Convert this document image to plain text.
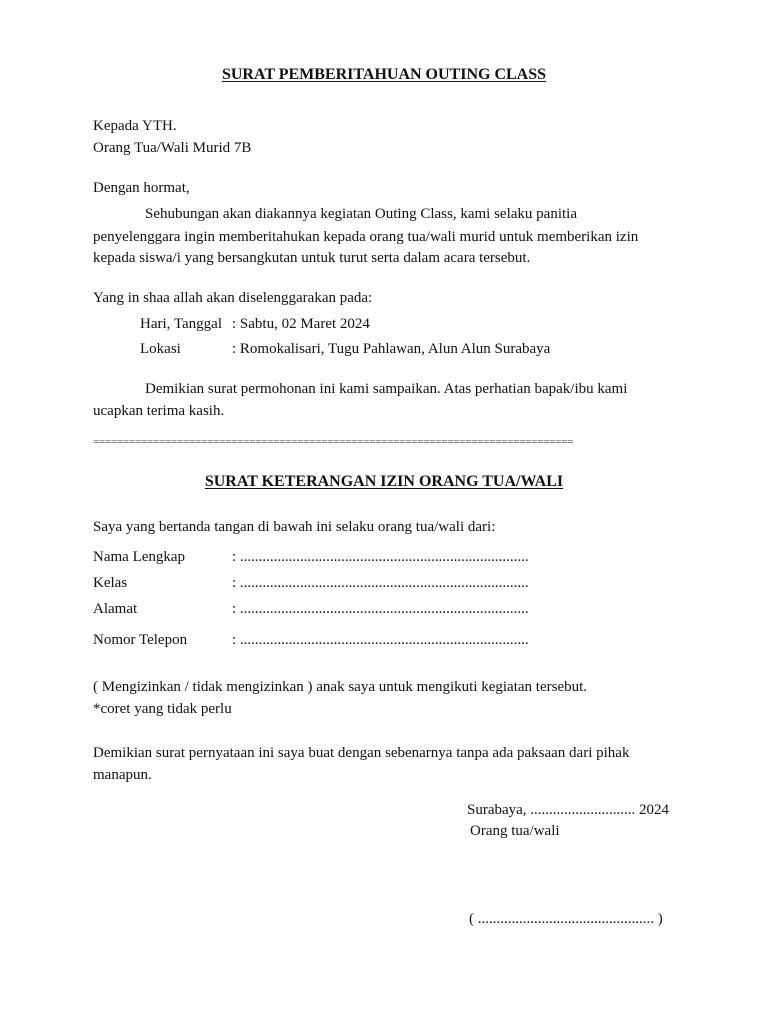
SURAT PEMBERITAHUAN OUTING CLASS
Kepada YTH.
Orang Tua/Wali Murid 7B
Dengan hormat,
Sehubungan akan diakannya kegiatan Outing Class, kami selaku panitia
penyelenggara ingin memberitahukan kepada orang tua/wali murid untuk memberikan izin
kepada siswa/i yang bersangkutan untuk turut serta dalam acara tersebut.
Yang in shaa allah akan diselenggarakan pada:
Hari, Tanggal : Sabtu, 02 Maret 2024
Lokasi	: Romokalisari, Tugu Pahlawan, Alun Alun Surabaya
Demikian surat permohonan ini kami sampaikan. Atas perhatian bapak/ibu kami
ucapkan terima kasih.
================================================================================
SURAT KETERANGAN IZIN ORANG TUA/WALI
Saya yang bertanda tangan di bawah ini selaku orang tua/wali dari:
Nama Lengkap	: .............................................................................
Kelas	: .............................................................................
Alamat	: .............................................................................
Nomor Telepon	: .............................................................................
( Mengizinkan / tidak mengizinkan ) anak saya untuk mengikuti kegiatan tersebut.
*coret yang tidak perlu
Demikian surat pernyataan ini saya buat dengan sebenarnya tanpa ada paksaan dari pihak
manapun.
Surabaya, ............................ 2024
Orang tua/wali
( ............................................... )
